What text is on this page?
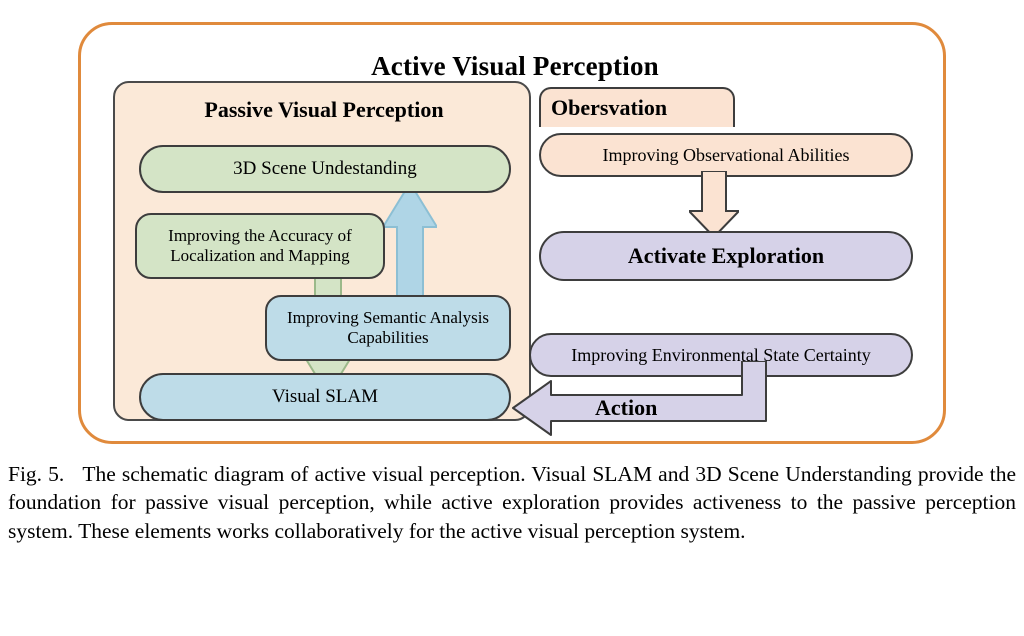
Active Visual Perception
Passive Visual Perception
3D Scene Undestanding
Improving the Accuracy of Localization and Mapping
Improving Semantic Analysis Capabilities
Visual SLAM
Obersvation
Improving Observational Abilities
Activate Exploration
Improving Environmental State Certainty
Action
Fig. 5. The schematic diagram of active visual perception. Visual SLAM and 3D Scene Understanding provide the foundation for passive visual perception, while active exploration provides activeness to the passive perception system. These elements works collaboratively for the active visual perception system.
